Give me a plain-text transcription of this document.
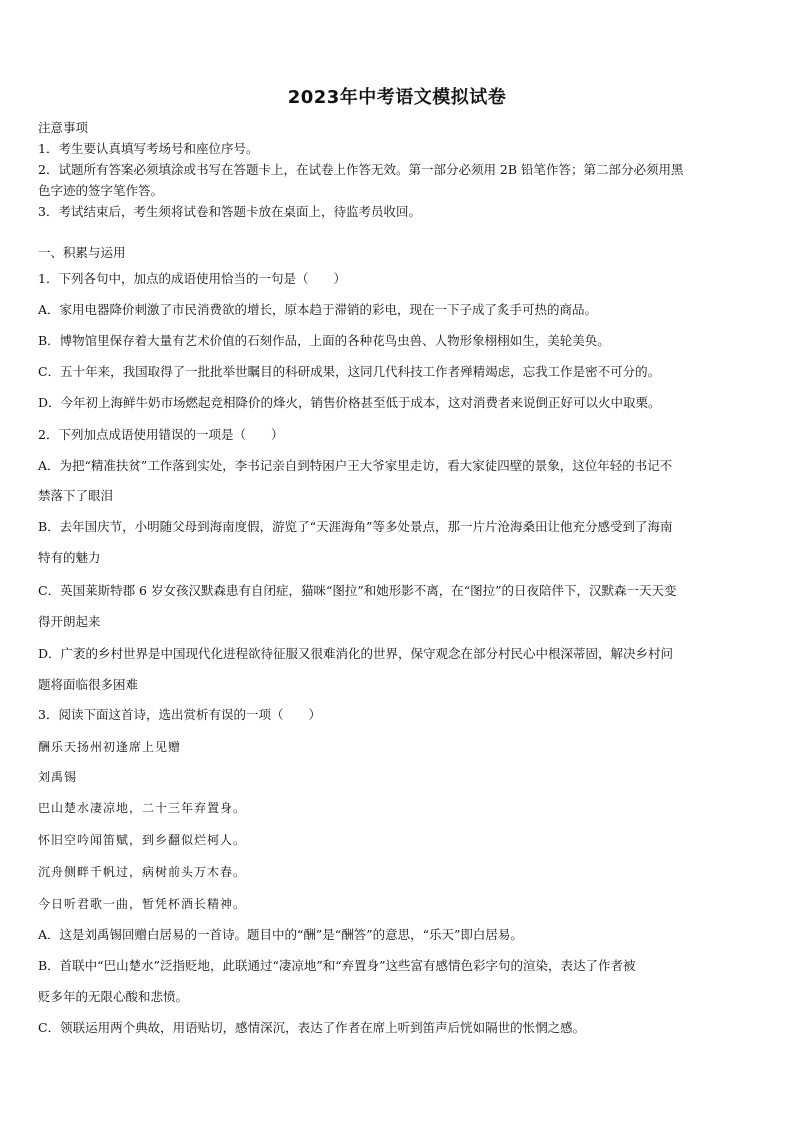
2023年中考语文模拟试卷
注意事项
1．考生要认真填写考场号和座位序号。
2．试题所有答案必须填涂或书写在答题卡上，在试卷上作答无效。第一部分必须用 2B 铅笔作答；第二部分必须用黑
色字迹的签字笔作答。
3．考试结束后，考生须将试卷和答题卡放在桌面上，待监考员收回。
一、积累与运用
1．下列各句中，加点的成语使用恰当的一句是（　　）
A．家用电器降价刺激了市民消费欲的增长，原本趋于滞销的彩电，现在一下子成了炙手可热的商品。
B．博物馆里保存着大量有艺术价值的石刻作品，上面的各种花鸟虫兽、人物形象栩栩如生，美轮美奂。
C．五十年来，我国取得了一批批举世瞩目的科研成果，这同几代科技工作者殚精竭虑，忘我工作是密不可分的。
D．今年初上海鲜牛奶市场燃起竞相降价的烽火，销售价格甚至低于成本，这对消费者来说倒正好可以火中取栗。
2．下列加点成语使用错误的一项是（　　）
A．为把“精准扶贫”工作落到实处，李书记亲自到特困户王大爷家里走访，看大家徒四壁的景象，这位年轻的书记不
禁落下了眼泪
B．去年国庆节，小明随父母到海南度假，游览了“天涯海角”等多处景点，那一片片沧海桑田让他充分感受到了海南
特有的魅力
C．英国莱斯特郡 6 岁女孩汉默森患有自闭症，猫咪“图拉”和她形影不离，在“图拉”的日夜陪伴下，汉默森一天天变
得开朗起来
D．广袤的乡村世界是中国现代化进程欲待征服又很难消化的世界，保守观念在部分村民心中根深蒂固，解决乡村问
题将面临很多困难
3．阅读下面这首诗，选出赏析有误的一项（　　）
酬乐天扬州初逢席上见赠
刘禹锡
巴山楚水凄凉地，二十三年弃置身。
怀旧空吟闻笛赋，到乡翻似烂柯人。
沉舟侧畔千帆过，病树前头万木春。
今日听君歌一曲，暂凭杯酒长精神。
A．这是刘禹锡回赠白居易的一首诗。题目中的“酬”是“酬答”的意思，“乐天”即白居易。
B．首联中“巴山楚水”泛指贬地，此联通过“凄凉地”和“弃置身”这些富有感情色彩字句的渲染，表达了作者被
贬多年的无限心酸和悲愤。
C．领联运用两个典故，用语贴切，感情深沉，表达了作者在席上听到笛声后恍如隔世的怅惘之感。
